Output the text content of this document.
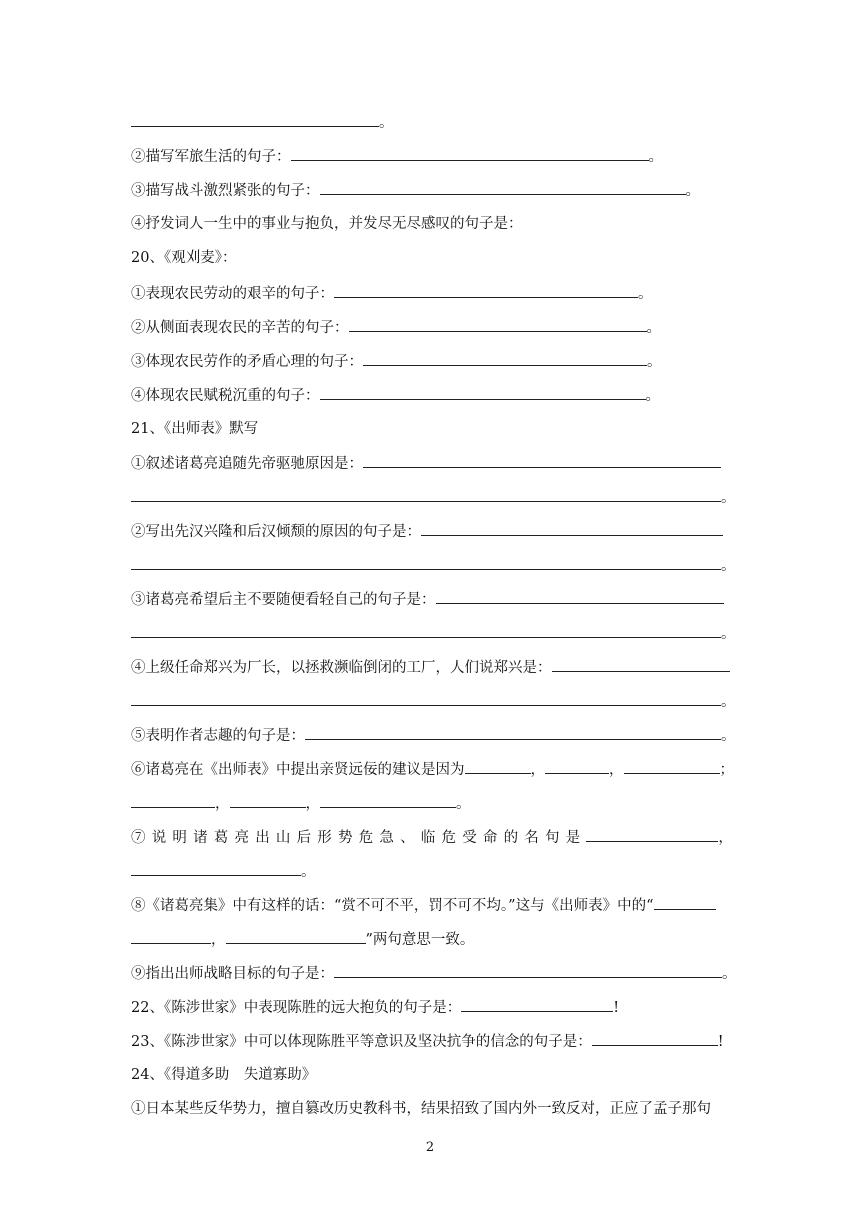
。
②描写军旅生活的句子：	。
③描写战斗激烈紧张的句子：	。
④抒发词人一生中的事业与抱负，并发尽无尽感叹的句子是：
20、《观刈麦》：
①表现农民劳动的艰辛的句子：	。
②从侧面表现农民的辛苦的句子：	。
③体现农民劳作的矛盾心理的句子：	。
④体现农民赋税沉重的句子：	。
21、《出师表》默写
①叙述诸葛亮追随先帝驱驰原因是：
。
②写出先汉兴隆和后汉倾颓的原因的句子是：
。
③诸葛亮希望后主不要随便看轻自己的句子是：
。
④上级任命郑兴为厂长，以拯救濒临倒闭的工厂，人们说郑兴是：
。
⑤表明作者志趣的句子是：	。
⑥诸葛亮在《出师表》中提出亲贤远佞的建议是因为	，	，	；
，	，	。
⑦说明诸葛亮出山后形势危急、临危受命的名句是	，
。
⑧《诸葛亮集》中有这样的话：“赏不可不平，罚不可不均。”这与《出师表》中的“
，	”两句意思一致。
⑨指出出师战略目标的句子是：	。
22、《陈涉世家》中表现陈胜的远大抱负的句子是：	!
23、《陈涉世家》中可以体现陈胜平等意识及坚决抗争的信念的句子是：	!
24、《得道多助　失道寡助》
①日本某些反华势力，擅自篡改历史教科书，结果招致了国内外一致反对，正应了孟子那句
2
